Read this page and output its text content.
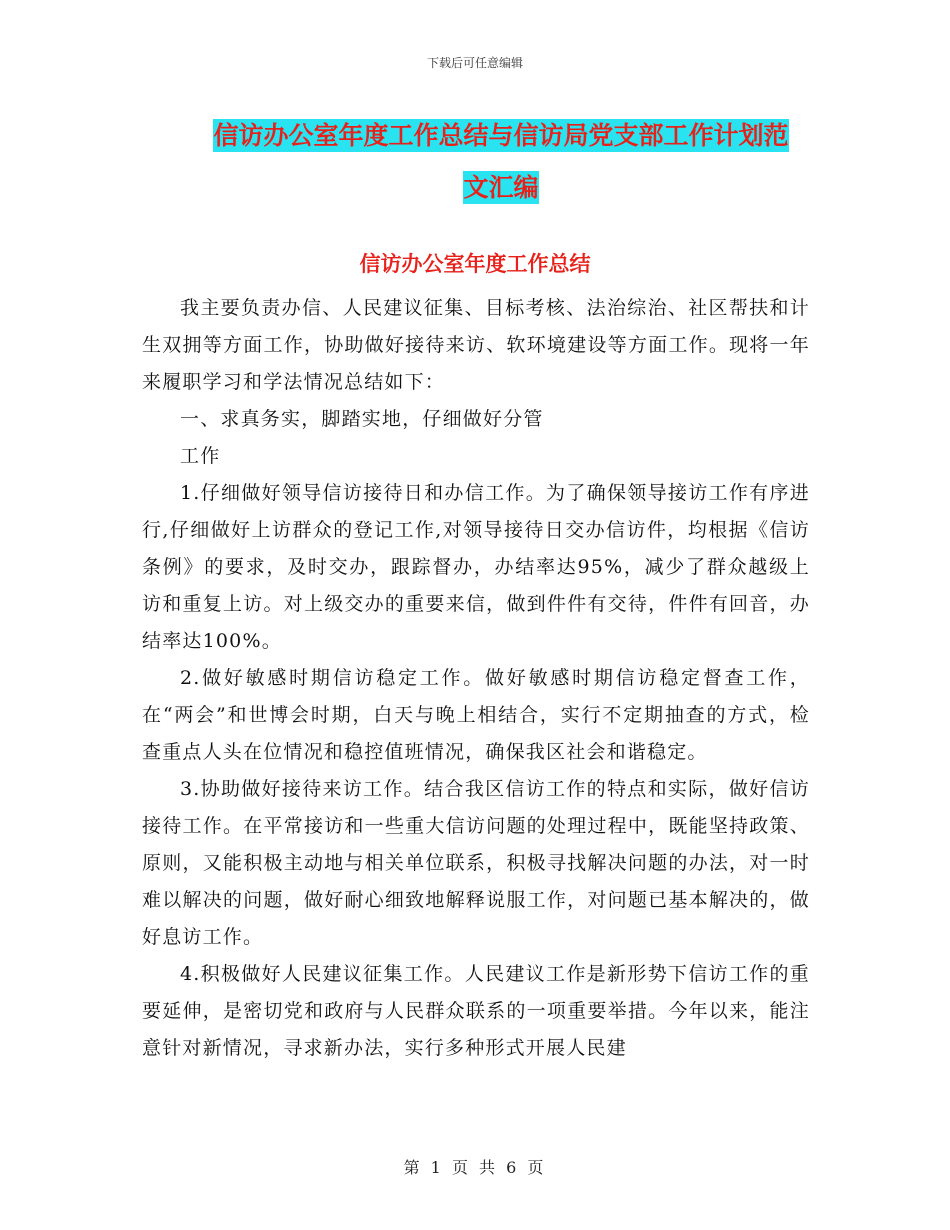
下载后可任意编辑
信访办公室年度工作总结与信访局党支部工作计划范
文汇编
信访办公室年度工作总结

我主要负责办信、人民建议征集、目标考核、法治综治、社区帮扶和计生双拥等方面工作，协助做好接待来访、软环境建设等方面工作。现将一年来履职学习和学法情况总结如下：

一、求真务实，脚踏实地，仔细做好分管

工作

1.仔细做好领导信访接待日和办信工作。为了确保领导接访工作有序进行,仔细做好上访群众的登记工作,对领导接待日交办信访件，均根据《信访条例》的要求，及时交办，跟踪督办，办结率达95%，减少了群众越级上访和重复上访。对上级交办的重要来信，做到件件有交待，件件有回音，办结率达100%。

2.做好敏感时期信访稳定工作。做好敏感时期信访稳定督查工作，在“两会”和世博会时期，白天与晚上相结合，实行不定期抽查的方式，检查重点人头在位情况和稳控值班情况，确保我区社会和谐稳定。

3.协助做好接待来访工作。结合我区信访工作的特点和实际，做好信访接待工作。在平常接访和一些重大信访问题的处理过程中，既能坚持政策、原则，又能积极主动地与相关单位联系，积极寻找解决问题的办法，对一时难以解决的问题，做好耐心细致地解释说服工作，对问题已基本解决的，做好息访工作。

4.积极做好人民建议征集工作。人民建议工作是新形势下信访工作的重要延伸，是密切党和政府与人民群众联系的一项重要举措。今年以来，能注意针对新情况，寻求新办法，实行多种形式开展人民建

第 1 页 共 6 页
